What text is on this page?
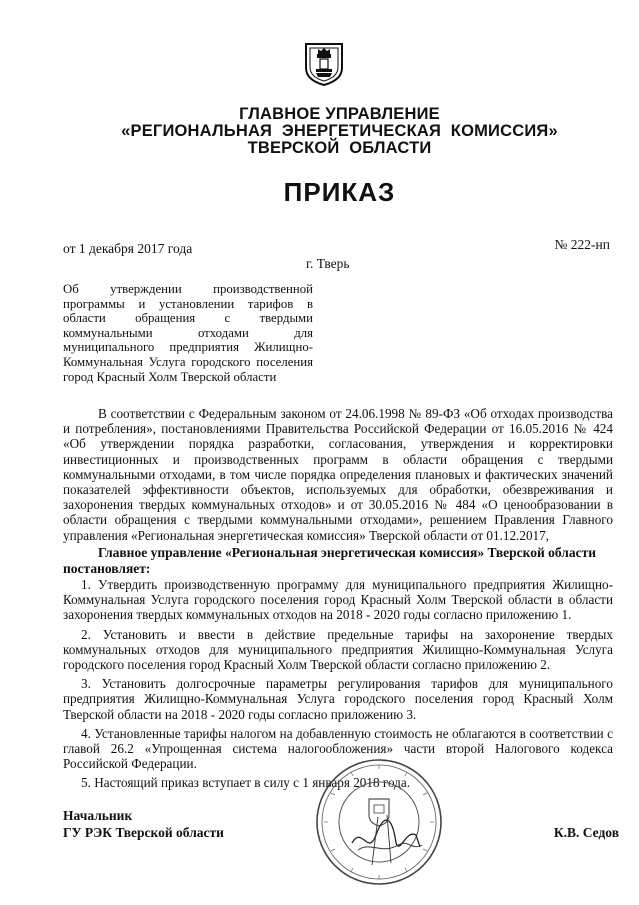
ГЛАВНОЕ УПРАВЛЕНИЕ
«РЕГИОНАЛЬНАЯ ЭНЕРГЕТИЧЕСКАЯ КОМИССИЯ»
ТВЕРСКОЙ ОБЛАСТИ
ПРИКАЗ
от 1 декабря 2017 года	№ 222-нп
г. Тверь
Об утверждении производственной программы и установлении тарифов в области обращения с твердыми коммунальными отходами для муниципального предприятия Жилищно-Коммунальная Услуга городского поселения город Красный Холм Тверской области

В соответствии с Федеральным законом от 24.06.1998 № 89-ФЗ «Об отходах производства и потребления», постановлениями Правительства Российской Федерации от 16.05.2016 № 424 «Об утверждении порядка разработки, согласования, утверждения и корректировки инвестиционных и производственных программ в области обращения с твердыми коммунальными отходами, в том числе порядка определения плановых и фактических значений показателей эффективности объектов, используемых для обработки, обезвреживания и захоронения твердых коммунальных отходов» и от 30.05.2016 № 484 «О ценообразовании в области обращения с твердыми коммунальными отходами», решением Правления Главного управления «Региональная энергетическая комиссия» Тверской области от 01.12.2017,

Главное управление «Региональная энергетическая комиссия» Тверской области постановляет:

1. Утвердить производственную программу для муниципального предприятия Жилищно-Коммунальная Услуга городского поселения город Красный Холм Тверской области в области захоронения твердых коммунальных отходов на 2018 - 2020 годы согласно приложению 1.
2. Установить и ввести в действие предельные тарифы на захоронение твердых коммунальных отходов для муниципального предприятия Жилищно-Коммунальная Услуга городского поселения город Красный Холм Тверской области согласно приложению 2.
3. Установить долгосрочные параметры регулирования тарифов для муниципального предприятия Жилищно-Коммунальная Услуга городского поселения город Красный Холм Тверской области на 2018 - 2020 годы согласно приложению 3.
4. Установленные тарифы налогом на добавленную стоимость не облагаются в соответствии с главой 26.2 «Упрощенная система налогообложения» части второй Налогового кодекса Российской Федерации.
5. Настоящий приказ вступает в силу с 1 января 2018 года.
Начальник
ГУ РЭК Тверской области	К.В. Седов
